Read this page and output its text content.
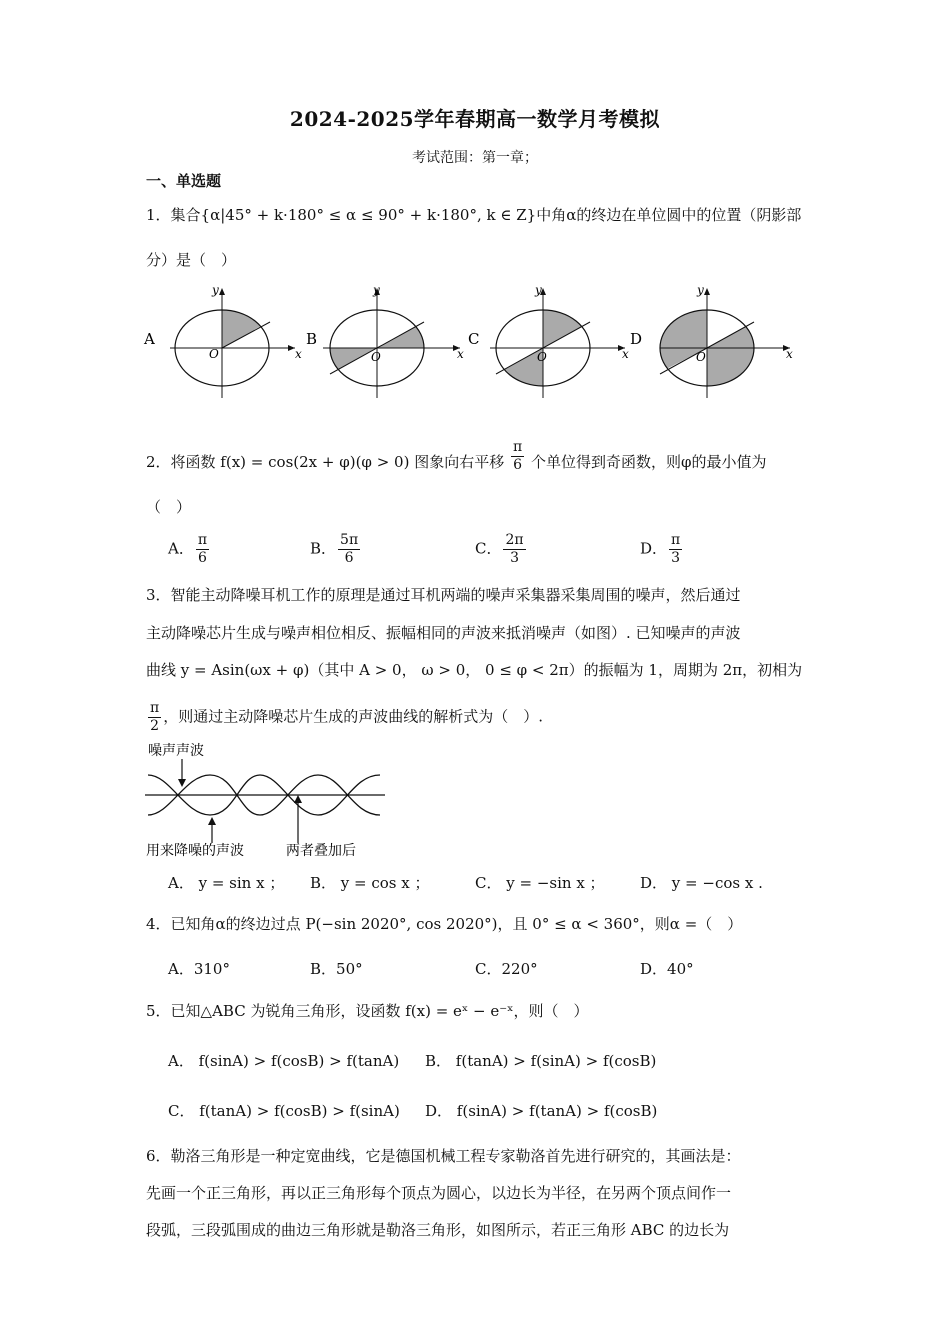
2024-2025学年春期高一数学月考模拟
考试范围：第一章；
一、单选题
1．集合{α|45° + k·180° ≤ α ≤ 90° + k·180°, k ∈ Z}中角α的终边在单位圆中的位置（阴影部
分）是（　）
A
O	x
y
B
O	x
y
C
O	x
y
D
O	x
y
2．将函数 f(x) = cos(2x + φ)(φ > 0) 图象向右平移 $\frac{\pi}{6}$ 个单位得到奇函数，则φ的最小值为
（　）
A． $\frac{\pi}{6}$	B． $\frac{5\pi}{6}$	C． $\frac{2\pi}{3}$	D． $\frac{\pi}{3}$
3．智能主动降噪耳机工作的原理是通过耳机两端的噪声采集器采集周围的噪声，然后通过
主动降噪芯片生成与噪声相位相反、振幅相同的声波来抵消噪声（如图）. 已知噪声的声波
曲线 y = Asin(ωx + φ)（其中 A > 0， ω > 0， 0 ≤ φ < 2π）的振幅为 1，周期为 2π，初相为
$\frac{\pi}{2}$ ，则通过主动降噪芯片生成的声波曲线的解析式为（　）.
噪声声波
用来降噪的声波	两者叠加后
A． y = sin x ； B． y = cos x ；	C． y = −sin x ； D． y = −cos x .
4．已知角α的终边过点 P(−sin 2020°, cos 2020°)，且 0° ≤ α < 360°，则α =（　）
A．310°	B．50°	C．220°	D．40°
5．已知△ABC 为锐角三角形，设函数 f(x) = eˣ − e⁻ˣ，则（　）
A． f(sinA) > f(cosB) > f(tanA) B． f(tanA) > f(sinA) > f(cosB)
C． f(tanA) > f(cosB) > f(sinA) D． f(sinA) > f(tanA) > f(cosB)
6．勒洛三角形是一种定宽曲线，它是德国机械工程专家勒洛首先进行研究的，其画法是：
先画一个正三角形，再以正三角形每个顶点为圆心，以边长为半径，在另两个顶点间作一
段弧，三段弧围成的曲边三角形就是勒洛三角形，如图所示，若正三角形 ABC 的边长为
